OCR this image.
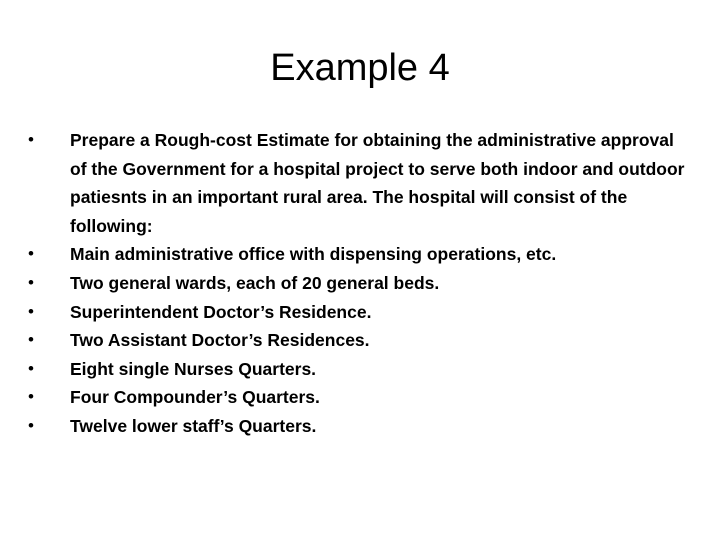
Example 4
•	Prepare a Rough-cost Estimate for obtaining the administrative approval of the Government for a hospital project to serve both indoor and outdoor patiesnts in an important rural area. The hospital will consist of the following:
•	Main administrative office with dispensing operations, etc.
•	Two general wards, each of 20 general beds.
•	Superintendent Doctor’s Residence.
•	Two Assistant Doctor’s Residences.
•	Eight single Nurses Quarters.
•	Four Compounder’s Quarters.
•	Twelve lower staff’s Quarters.
